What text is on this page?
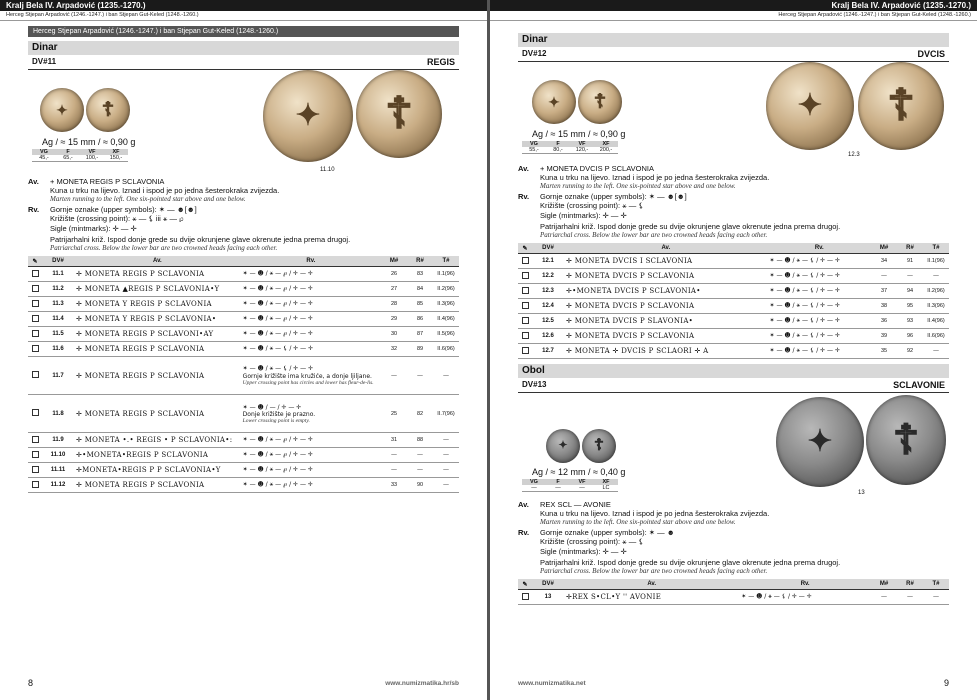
Kralj Bela IV. Arpadović (1235.-1270.)
Herceg Stjepan Arpadović (1246.-1247.) i ban Stjepan Gut-Keled (1248.-1260.)
Herceg Stjepan Arpadović (1246.-1247.) i ban Stjepan Gut-Keled (1248.-1260.)
Dinar
DV#11	REGIS
✦ ☦
Ag / ≈ 15 mm / ≈ 0,90 g
VG	F	VF	XF
45,-	65,-	100,-	150,-
✦ ☦
11.10
Av.	+ MONETA REGIS P SCLAVONIA
Kuna u trku na lijevo. Iznad i ispod je po jedna šesterokraka zvijezda.
Marten running to the left. One six-pointed star above and one below.
Rv.	Gornje oznake (upper symbols): ✶ — ☻[☻]
Križište (crossing point): ⚹ — ⚸ iii ⚹ — ℘
Sigle (mintmarks): ✛ — ✛
Patrijarhalni križ. Ispod donje grede su dvije okrunjene glave okrenute jedna prema drugoj.
Patriarchal cross. Below the lower bar are two crowned heads facing each other.
✎	DV#	Av.	Rv.	M#	R#	T#
	11.1	✛ MONETA REGIS P SCLAVONIA	✶ — ☻ / ⚹ — ℘ / ✛ — ✛	26	83	II.1(96)
	11.2	✛ MONETA ▲REGIS P SCLAVONIA•Y	✶ — ☻ / ⚹ — ℘ / ✛ — ✛	27	84	II.2(96)
	11.3	✛ MONETA Y REGIS P SCLAVONIA	✶ — ☻ / ⚹ — ℘ / ✛ — ✛	28	85	II.3(96)
	11.4	✛ MONETA Y REGIS P SCLAVONIA•	✶ — ☻ / ⚹ — ℘ / ✛ — ✛	29	86	II.4(96)
	11.5	✛ MONETA REGIS P SCLAVONI•AY	✶ — ☻ / ⚹ — ℘ / ✛ — ✛	30	87	II.5(96)
	11.6	✛ MONETA REGIS P SCLAVONIA	✶ — ☻ / ⚹ — ⚸ / ✛ — ✛	32	89	II.6(96)
	11.7	✛ MONETA REGIS P SCLAVONIA	✶ — ☻ / ⚹ — ⚸ / ✛ — ✛
Gornje križište ima kružiće, a donje ljiljane.
Upper crossing point has circles and lower has fleur-de-lis.	—	—	—
	11.8	✛ MONETA REGIS P SCLAVONIA	✶ — ☻ / — / ✛ — ✛
Donje križište je prazno.
Lower crossing point is empty.	25	82	II.7(96)
	11.9	✛ MONETA •.• REGIS • P SCLAVONIA•:	✶ — ☻ / ⚹ — ℘ / ✛ — ✛	31	88	—
	11.10	✛•MONETA•REGIS P SCLAVONIA	✶ — ☻ / ⚹ — ℘ / ✛ — ✛	—	—	—
	11.11	✛MONETA•REGIS P P SCLAVONIA•Y	✶ — ☻ / ⚹ — ℘ / ✛ — ✛	—	—	—
	11.12	✛ MONETA REGIS P SCLAVONIA	✶ — ☻ / ⚹ — ℘ / ✛ — ✛	33	90	—
8	www.numizmatika.hr/sb
Kralj Bela IV. Arpadović (1235.-1270.)
Herceg Stjepan Arpadović (1246.-1247.) i ban Stjepan Gut-Keled (1248.-1260.)
Dinar
DV#12	DVCIS
✦ ☦
Ag / ≈ 15 mm / ≈ 0,90 g
VG	F	VF	XF
55,-	80,-	120,-	200,-
✦ ☦
12.3
Av.	+ MONETA DVCIS P SCLAVONIA
Kuna u trku na lijevo. Iznad i ispod je po jedna šesterokraka zvijezda.
Marten running to the left. One six-pointed star above and one below.
Rv.	Gornje oznake (upper symbols): ✶ — ☻[☻]
Križište (crossing point): ⚹ — ⚸
Sigle (mintmarks): ✛ — ✛
Patrijarhalni križ. Ispod donje grede su dvije okrunjene glave okrenute jedna prema drugoj.
Patriarchal cross. Below the lower bar are two crowned heads facing each other.
✎	DV#	Av.	Rv.	M#	R#	T#
	12.1	✛ MONETA DVCIS I SCLAVONIA	✶ — ☻ / ⚹ — ⚸ / ✛ — ✛	34	91	II.1(96)
	12.2	✛ MONETA DVCIS P SCLAVONIA	✶ — ☻ / ⚹ — ⚸ / ✛ — ✛	—	—	—
	12.3	✛•MONETA DVCIS P SCLAVONIA•	✶ — ☻ / ⚹ — ⚸ / ✛ — ✛	37	94	II.2(96)
	12.4	✛ MONETA DVCIS P SCLAVONIA	✶ — ☻ / ⚹ — ⚸ / ✛ — ✛	38	95	II.3(96)
	12.5	✛ MONETA DVCIS P SLAVONIA•	✶ — ☻ / ⚹ — ⚸ / ✛ — ✛	36	93	II.4(96)
	12.6	✛ MONETA DVCIS P SCLAVONIA	✶ — ☻ / ⚹ — ⚸ / ✛ — ✛	39	96	II.6(96)
	12.7	✛ MONETA ✛ DVCIS P SCLAORI ✛ A	✶ — ☻ / ⚹ — ⚸ / ✛ — ✛	35	92	—
Obol
DV#13	SCLAVONIE
✦ ☦
Ag / ≈ 12 mm / ≈ 0,40 g
VG	F	VF	XF
—	—	—	LC
✦ ☦
13
Av.	REX SCL — AVONIE
Kuna u trku na lijevo. Iznad i ispod je po jedna šesterokraka zvijezda.
Marten running to the left. One six-pointed star above and one below.
Rv.	Gornje oznake (upper symbols): ✶ — ☻
Križište (crossing point): ⚹ — ⚸
Sigle (mintmarks): ✛ — ✛
Patrijarhalni križ. Ispod donje grede su dvije okrunjene glave okrenute jedna prema drugoj.
Patriarchal cross. Below the lower bar are two crowned heads facing each other.
✎	DV#	Av.	Rv.	M#	R#	T#
	13	✛REX S•CL•Y '' AVONIE	✶ — ☻ / ⚹ — ⚸ / ✛ — ✛	—	—	—
www.numizmatika.net	9
